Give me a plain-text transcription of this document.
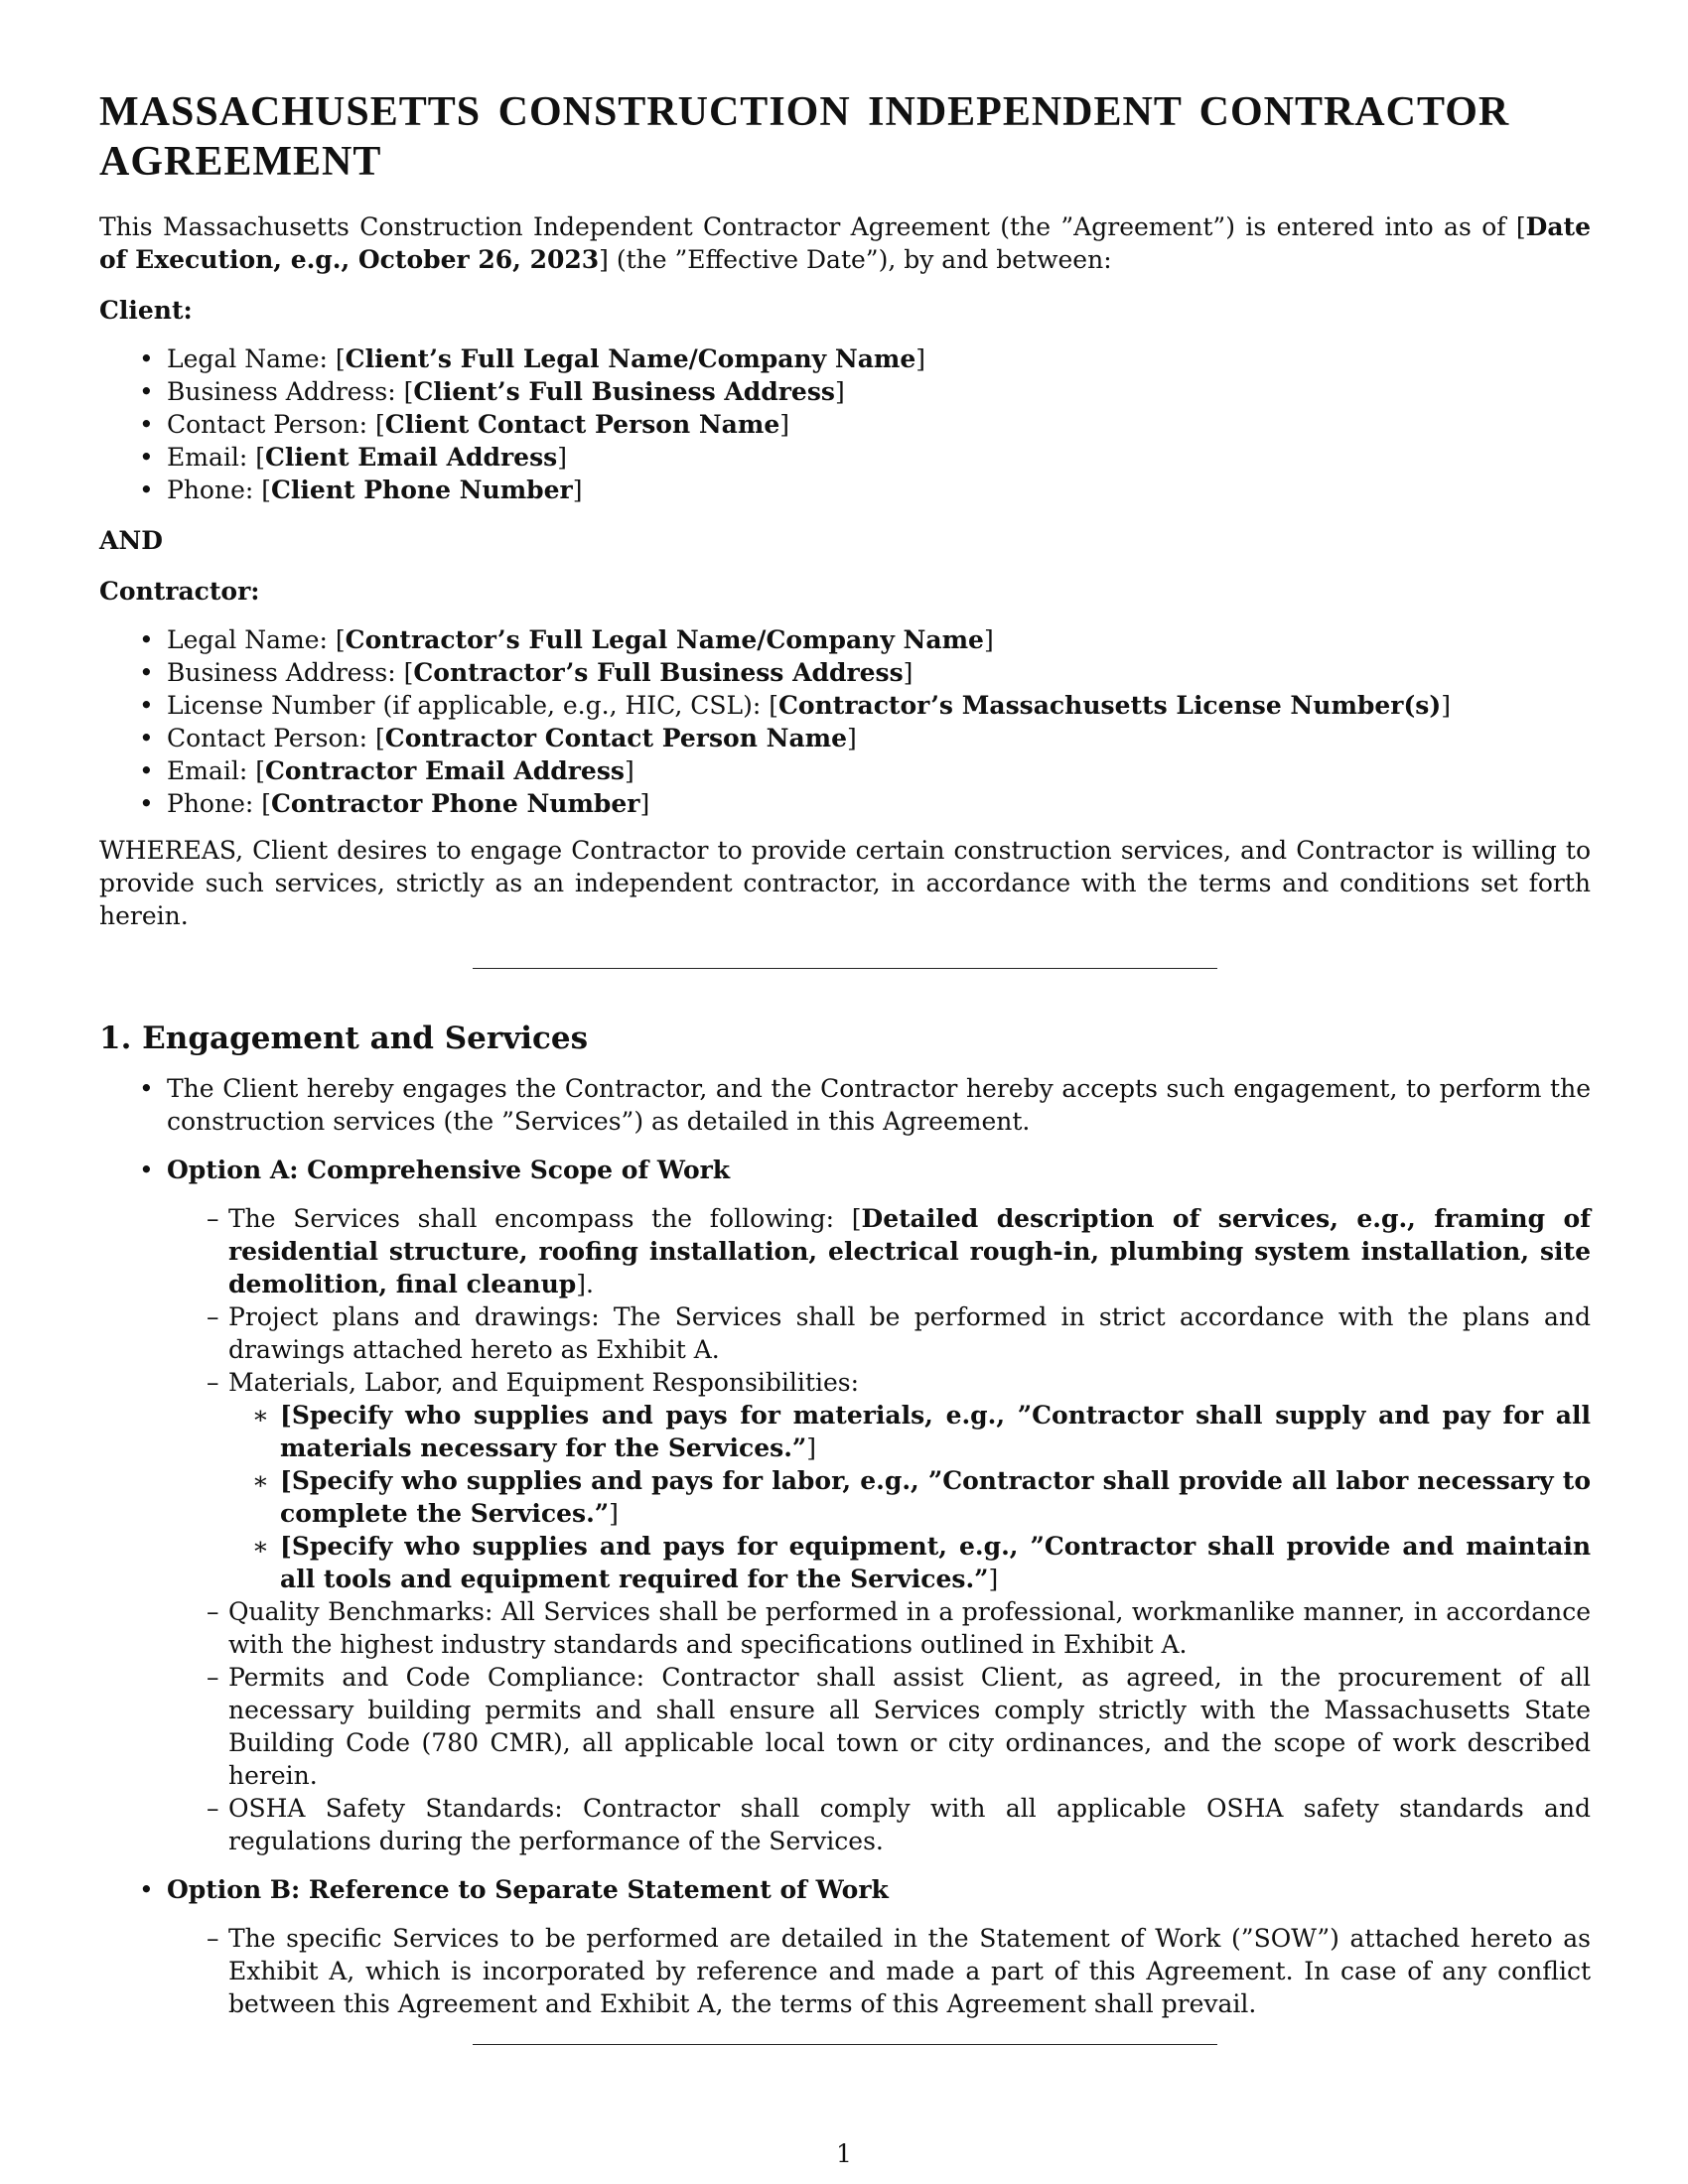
MASSACHUSETTS CONSTRUCTION INDEPENDENT CONTRACTOR AGREEMENT

This Massachusetts Construction Independent Contractor Agreement (the ”Agreement”) is entered into as of [Date of Execution, e.g., October 26, 2023] (the ”Effective Date”), by and between:

Client:
• Legal Name: [Client’s Full Legal Name/Company Name]
• Business Address: [Client’s Full Business Address]
• Contact Person: [Client Contact Person Name]
• Email: [Client Email Address]
• Phone: [Client Phone Number]
AND
Contractor:
• Legal Name: [Contractor’s Full Legal Name/Company Name]
• Business Address: [Contractor’s Full Business Address]
• License Number (if applicable, e.g., HIC, CSL): [Contractor’s Massachusetts License Number(s)]
• Contact Person: [Contractor Contact Person Name]
• Email: [Contractor Email Address]
• Phone: [Contractor Phone Number]

WHEREAS, Client desires to engage Contractor to provide certain construction services, and Contractor is willing to provide such services, strictly as an independent contractor, in accordance with the terms and conditions set forth herein.

1. Engagement and Services
• The Client hereby engages the Contractor, and the Contractor hereby accepts such engagement, to perform the construction services (the ”Services”) as detailed in this Agreement.
• Option A: Comprehensive Scope of Work
– The Services shall encompass the following: [Detailed description of services, e.g., framing of residential structure, roofing installation, electrical rough-in, plumbing system installation, site demolition, final cleanup].
– Project plans and drawings: The Services shall be performed in strict accordance with the plans and drawings attached hereto as Exhibit A.
– Materials, Labor, and Equipment Responsibilities:
∗ [Specify who supplies and pays for materials, e.g., ”Contractor shall supply and pay for all materials necessary for the Services.”]
∗ [Specify who supplies and pays for labor, e.g., ”Contractor shall provide all labor necessary to complete the Services.”]
∗ [Specify who supplies and pays for equipment, e.g., ”Contractor shall provide and maintain all tools and equipment required for the Services.”]
– Quality Benchmarks: All Services shall be performed in a professional, workmanlike manner, in accordance with the highest industry standards and specifications outlined in Exhibit A.
– Permits and Code Compliance: Contractor shall assist Client, as agreed, in the procurement of all necessary building permits and shall ensure all Services comply strictly with the Massachusetts State Building Code (780 CMR), all applicable local town or city ordinances, and the scope of work described herein.
– OSHA Safety Standards: Contractor shall comply with all applicable OSHA safety standards and regulations during the performance of the Services.
• Option B: Reference to Separate Statement of Work
– The specific Services to be performed are detailed in the Statement of Work (”SOW”) attached hereto as Exhibit A, which is incorporated by reference and made a part of this Agreement. In case of any conflict between this Agreement and Exhibit A, the terms of this Agreement shall prevail.
1
